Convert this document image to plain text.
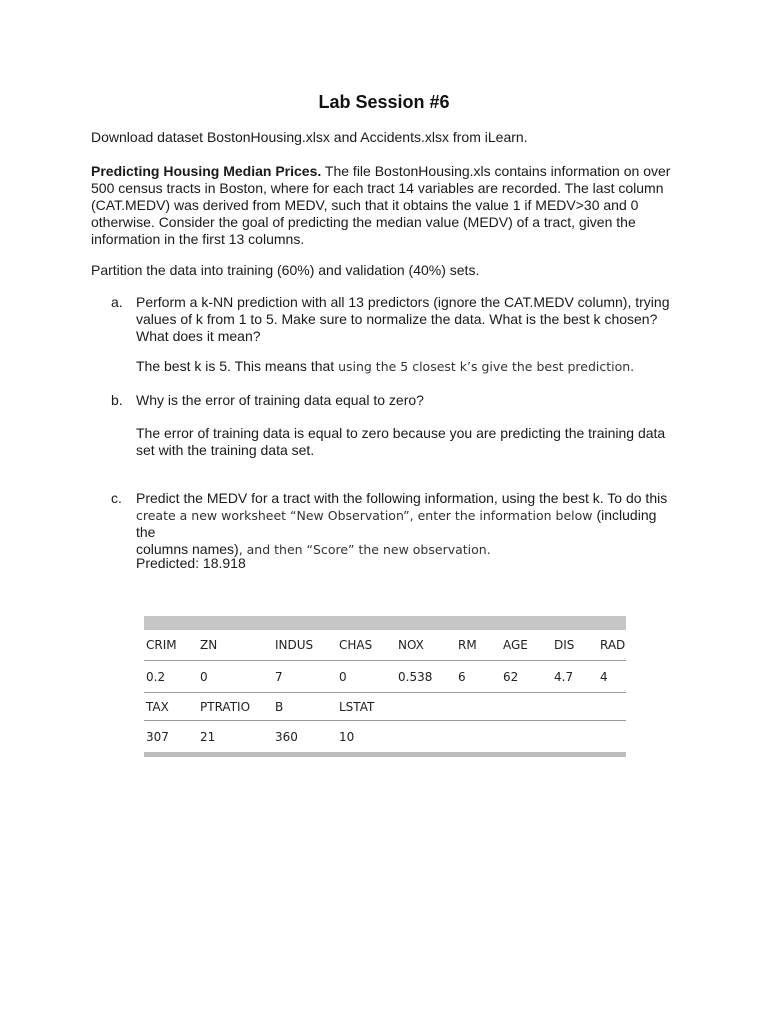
Lab Session #6
Download dataset BostonHousing.xlsx and Accidents.xlsx from iLearn.
Predicting Housing Median Prices. The file BostonHousing.xls contains information on over
500 census tracts in Boston, where for each tract 14 variables are recorded. The last column
(CAT.MEDV) was derived from MEDV, such that it obtains the value 1 if MEDV>30 and 0
otherwise. Consider the goal of predicting the median value (MEDV) of a tract, given the
information in the first 13 columns.
Partition the data into training (60%) and validation (40%) sets.
a. Perform a k-NN prediction with all 13 predictors (ignore the CAT.MEDV column), trying
values of k from 1 to 5. Make sure to normalize the data. What is the best k chosen?
What does it mean?
The best k is 5. This means that using the 5 closest k’s give the best prediction.
b. Why is the error of training data equal to zero?
The error of training data is equal to zero because you are predicting the training data
set with the training data set.
c. Predict the MEDV for a tract with the following information, using the best k. To do this
create a new worksheet “New Observation”, enter the information below (including the
columns names), and then “Score” the new observation.
Predicted: 18.918
CRIM ZN	INDUS CHAS NOX	RM AGE DIS RAD
0.2	0	7	0	0.538 6	62	4.7 4
TAX	PTRATIO B	LSTAT
307	21	360	10
